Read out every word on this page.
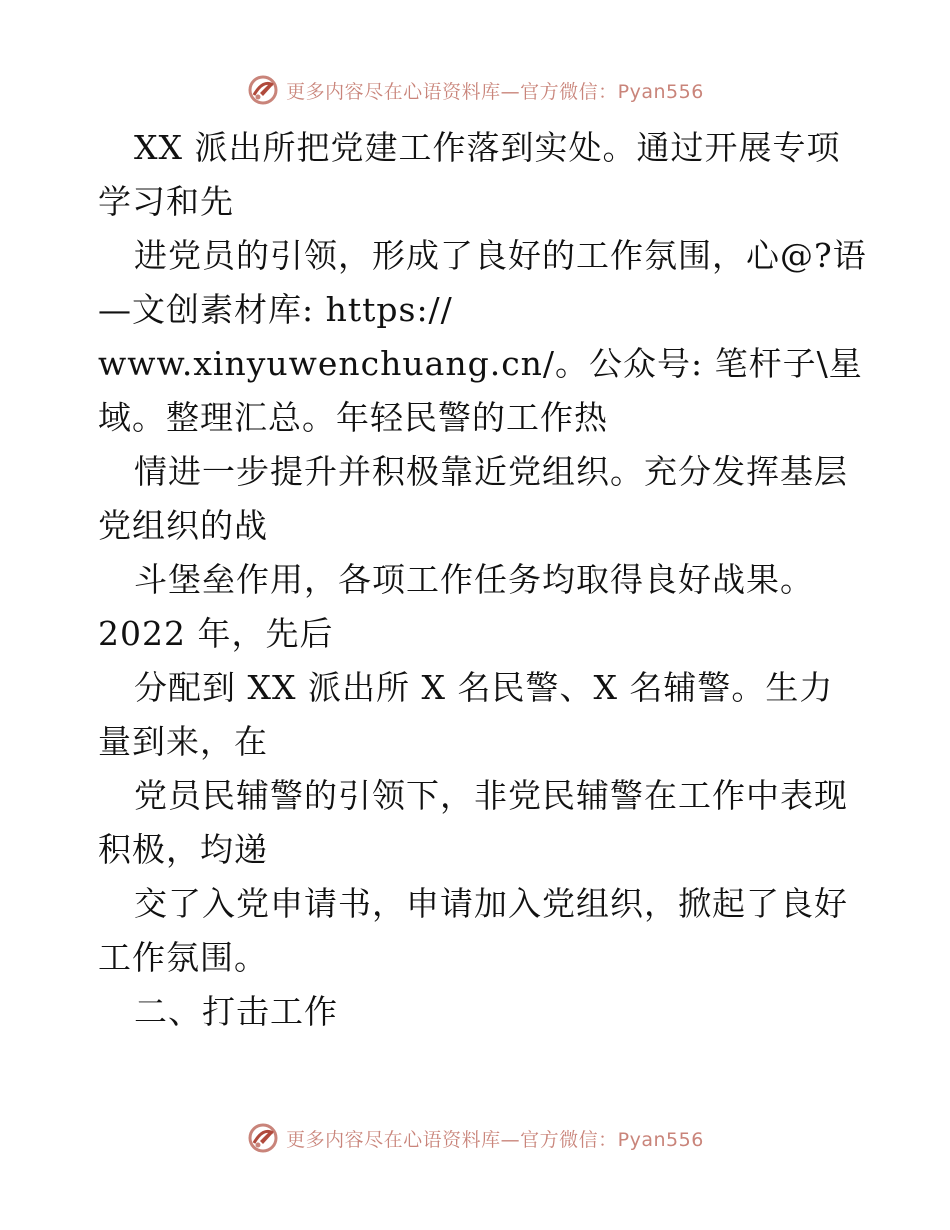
更多内容尽在心语资料库—官方微信：Pyan556
XX 派出所把党建工作落到实处。通过开展专项
学习和先
进党员的引领，形成了良好的工作氛围，心@?语
—文创素材库: https://
www.xinyuwenchuang.cn/。公众号: 笔杆子\星
域。整理汇总。年轻民警的工作热
情进一步提升并积极靠近党组织。充分发挥基层
党组织的战
斗堡垒作用，各项工作任务均取得良好战果。
2022 年，先后
分配到 XX 派出所 X 名民警、X 名辅警。生力
量到来，在
党员民辅警的引领下，非党民辅警在工作中表现
积极，均递
交了入党申请书，申请加入党组织，掀起了良好
工作氛围。
二、打击工作
更多内容尽在心语资料库—官方微信：Pyan556
